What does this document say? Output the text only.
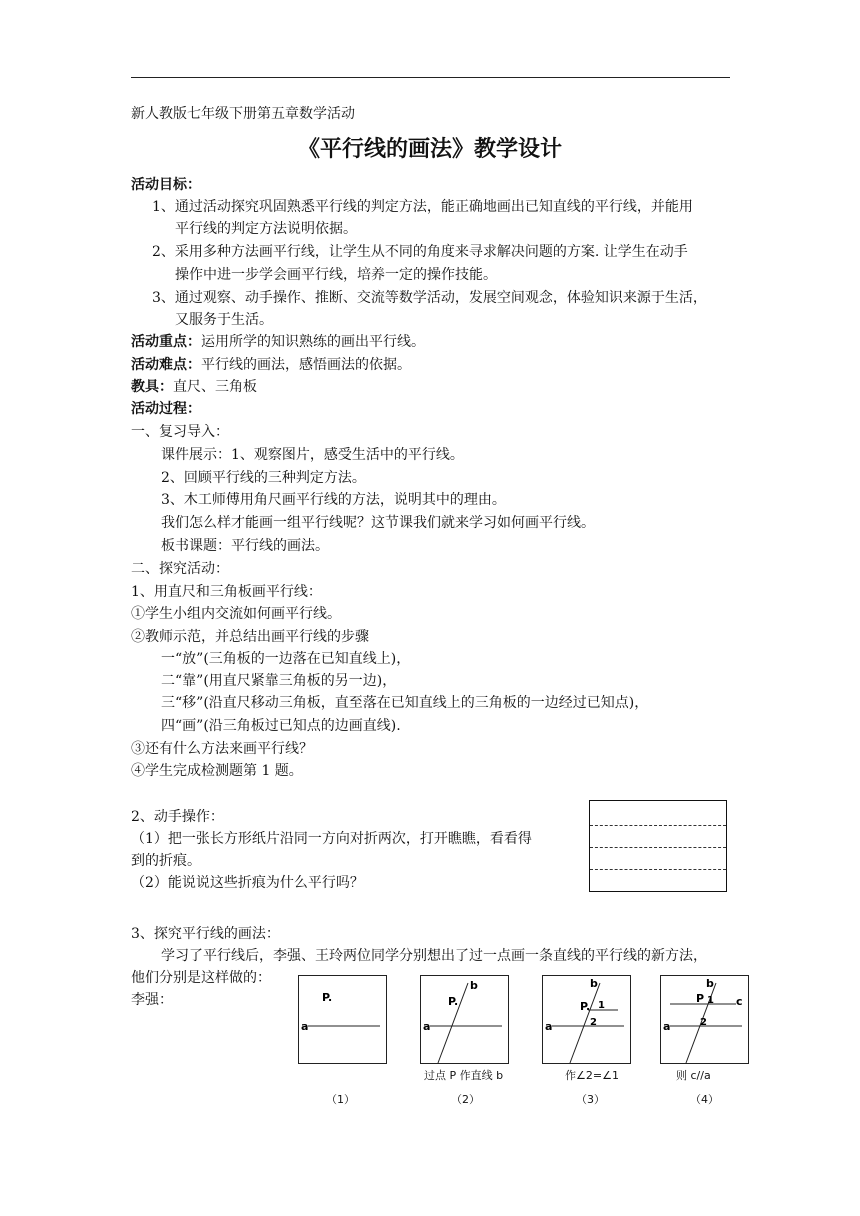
新人教版七年级下册第五章数学活动
《平行线的画法》教学设计
活动目标：
1、通过活动探究巩固熟悉平行线的判定方法，能正确地画出已知直线的平行线，并能用
平行线的判定方法说明依据。
2、采用多种方法画平行线，让学生从不同的角度来寻求解决问题的方案. 让学生在动手
操作中进一步学会画平行线，培养一定的操作技能。
3、通过观察、动手操作、推断、交流等数学活动，发展空间观念，体验知识来源于生活，
又服务于生活。
活动重点：运用所学的知识熟练的画出平行线。
活动难点：平行线的画法，感悟画法的依据。
教具：直尺、三角板
活动过程：
一、复习导入：
课件展示：1、观察图片，感受生活中的平行线。
2、回顾平行线的三种判定方法。
3、木工师傅用角尺画平行线的方法，说明其中的理由。
我们怎么样才能画一组平行线呢？这节课我们就来学习如何画平行线。
板书课题：平行线的画法。
二、探究活动：
1、用直尺和三角板画平行线：
①学生小组内交流如何画平行线。
②教师示范，并总结出画平行线的步骤
一“放”(三角板的一边落在已知直线上)，
二“靠”(用直尺紧靠三角板的另一边)，
三“移”(沿直尺移动三角板，直至落在已知直线上的三角板的一边经过已知点)，
四“画”(沿三角板过已知点的边画直线).
③还有什么方法来画平行线？
④学生完成检测题第 1 题。
2、动手操作：
（1）把一张长方形纸片沿同一方向对折两次，打开瞧瞧，看看得
到的折痕。
（2）能说说这些折痕为什么平行吗？
3、探究平行线的画法：
学习了平行线后，李强、王玲两位同学分别想出了过一点画一条直线的平行线的新方法，
他们分别是这样做的：
李强：	P.
a
b
P.
a
b
P. 1
2
a
b
P 1
2
c
a
过点 P 作直线 b	作∠2=∠1	则 c//a
（1）	（2）	（3）	（4）
